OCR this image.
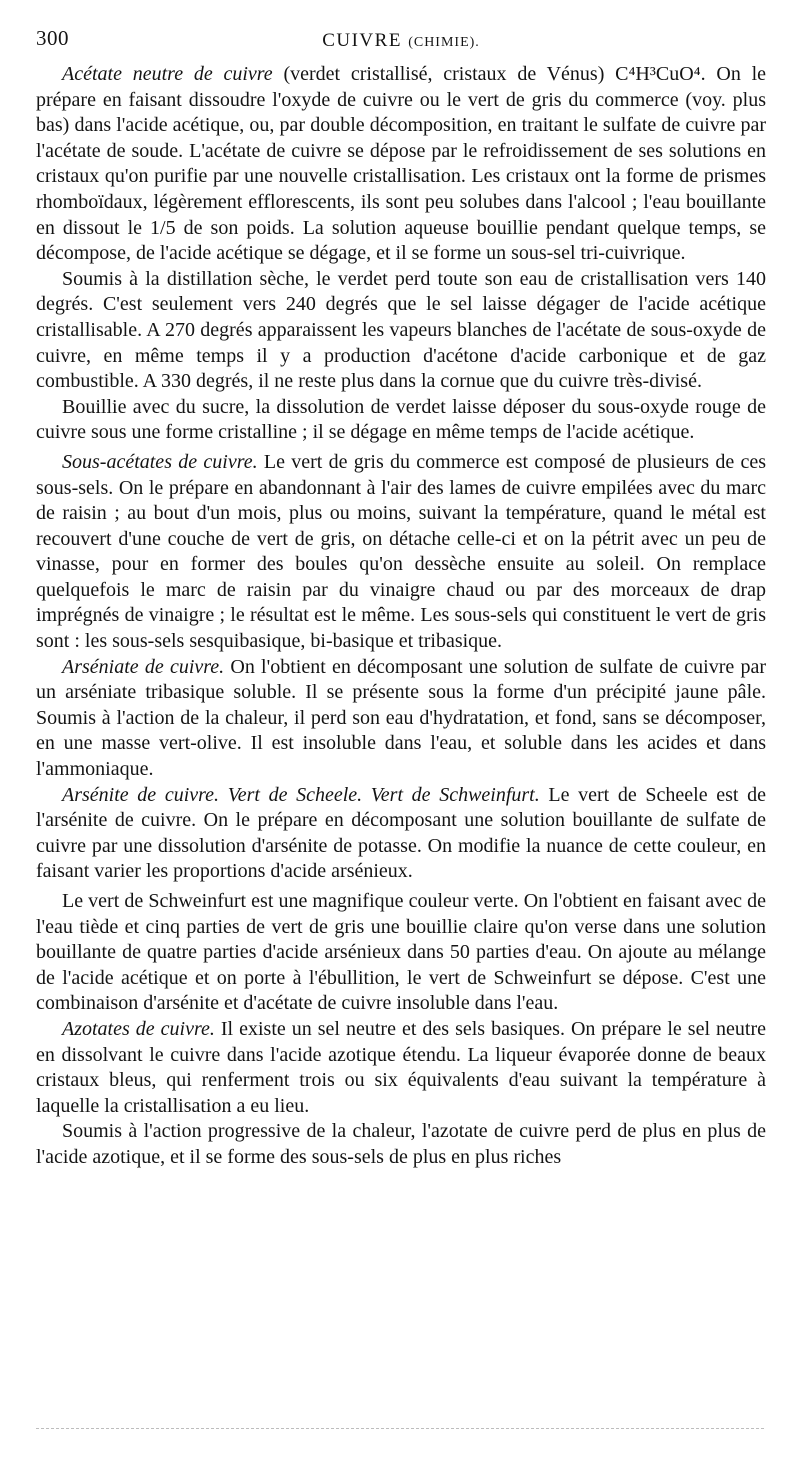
300	CUIVRE (CHIMIE).

Acétate neutre de cuivre (verdet cristallisé, cristaux de Vénus) C⁴H³CuO⁴. On le prépare en faisant dissoudre l'oxyde de cuivre ou le vert de gris du commerce (voy. plus bas) dans l'acide acétique, ou, par double décomposition, en traitant le sulfate de cuivre par l'acétate de soude. L'acétate de cuivre se dépose par le refroidissement de ses solutions en cristaux qu'on purifie par une nouvelle cristallisation. Les cristaux ont la forme de prismes rhomboïdaux, légèrement efflorescents, ils sont peu solubes dans l'alcool ; l'eau bouillante en dissout le 1/5 de son poids. La solution aqueuse bouillie pendant quelque temps, se décompose, de l'acide acétique se dégage, et il se forme un sous-sel tri-cuivrique.

Soumis à la distillation sèche, le verdet perd toute son eau de cristallisation vers 140 degrés. C'est seulement vers 240 degrés que le sel laisse dégager de l'acide acétique cristallisable. A 270 degrés apparaissent les vapeurs blanches de l'acétate de sous-oxyde de cuivre, en même temps il y a production d'acétone d'acide carbonique et de gaz combustible. A 330 degrés, il ne reste plus dans la cornue que du cuivre très-divisé.

Bouillie avec du sucre, la dissolution de verdet laisse déposer du sous-oxyde rouge de cuivre sous une forme cristalline ; il se dégage en même temps de l'acide acétique.

Sous-acétates de cuivre. Le vert de gris du commerce est composé de plusieurs de ces sous-sels. On le prépare en abandonnant à l'air des lames de cuivre empilées avec du marc de raisin ; au bout d'un mois, plus ou moins, suivant la température, quand le métal est recouvert d'une couche de vert de gris, on détache celle-ci et on la pétrit avec un peu de vinasse, pour en former des boules qu'on dessèche ensuite au soleil. On remplace quelquefois le marc de raisin par du vinaigre chaud ou par des morceaux de drap imprégnés de vinaigre ; le résultat est le même. Les sous-sels qui constituent le vert de gris sont : les sous-sels sesquibasique, bi-basique et tribasique.

Arséniate de cuivre. On l'obtient en décomposant une solution de sulfate de cuivre par un arséniate tribasique soluble. Il se présente sous la forme d'un précipité jaune pâle. Soumis à l'action de la chaleur, il perd son eau d'hydratation, et fond, sans se décomposer, en une masse vert-olive. Il est insoluble dans l'eau, et soluble dans les acides et dans l'ammoniaque.

Arsénite de cuivre. Vert de Scheele. Vert de Schweinfurt. Le vert de Scheele est de l'arsénite de cuivre. On le prépare en décomposant une solution bouillante de sulfate de cuivre par une dissolution d'arsénite de potasse. On modifie la nuance de cette couleur, en faisant varier les proportions d'acide arsénieux.

Le vert de Schweinfurt est une magnifique couleur verte. On l'obtient en faisant avec de l'eau tiède et cinq parties de vert de gris une bouillie claire qu'on verse dans une solution bouillante de quatre parties d'acide arsénieux dans 50 parties d'eau. On ajoute au mélange de l'acide acétique et on porte à l'ébullition, le vert de Schweinfurt se dépose. C'est une combinaison d'arsénite et d'acétate de cuivre insoluble dans l'eau.

Azotates de cuivre. Il existe un sel neutre et des sels basiques. On prépare le sel neutre en dissolvant le cuivre dans l'acide azotique étendu. La liqueur évaporée donne de beaux cristaux bleus, qui renferment trois ou six équivalents d'eau suivant la température à laquelle la cristallisation a eu lieu.

Soumis à l'action progressive de la chaleur, l'azotate de cuivre perd de plus en plus de l'acide azotique, et il se forme des sous-sels de plus en plus riches
